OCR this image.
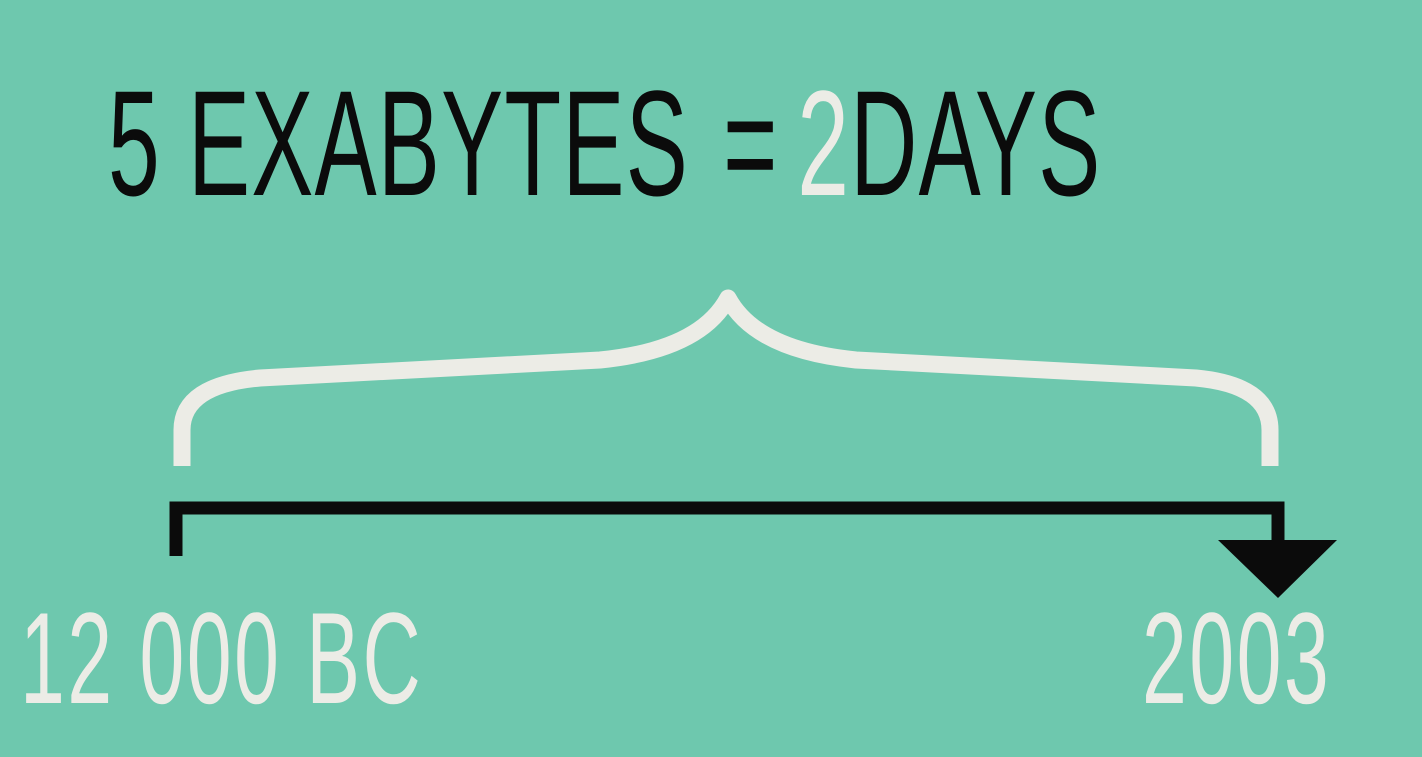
5 EXABYTES = 2DAYS
12 000 BC	2003
